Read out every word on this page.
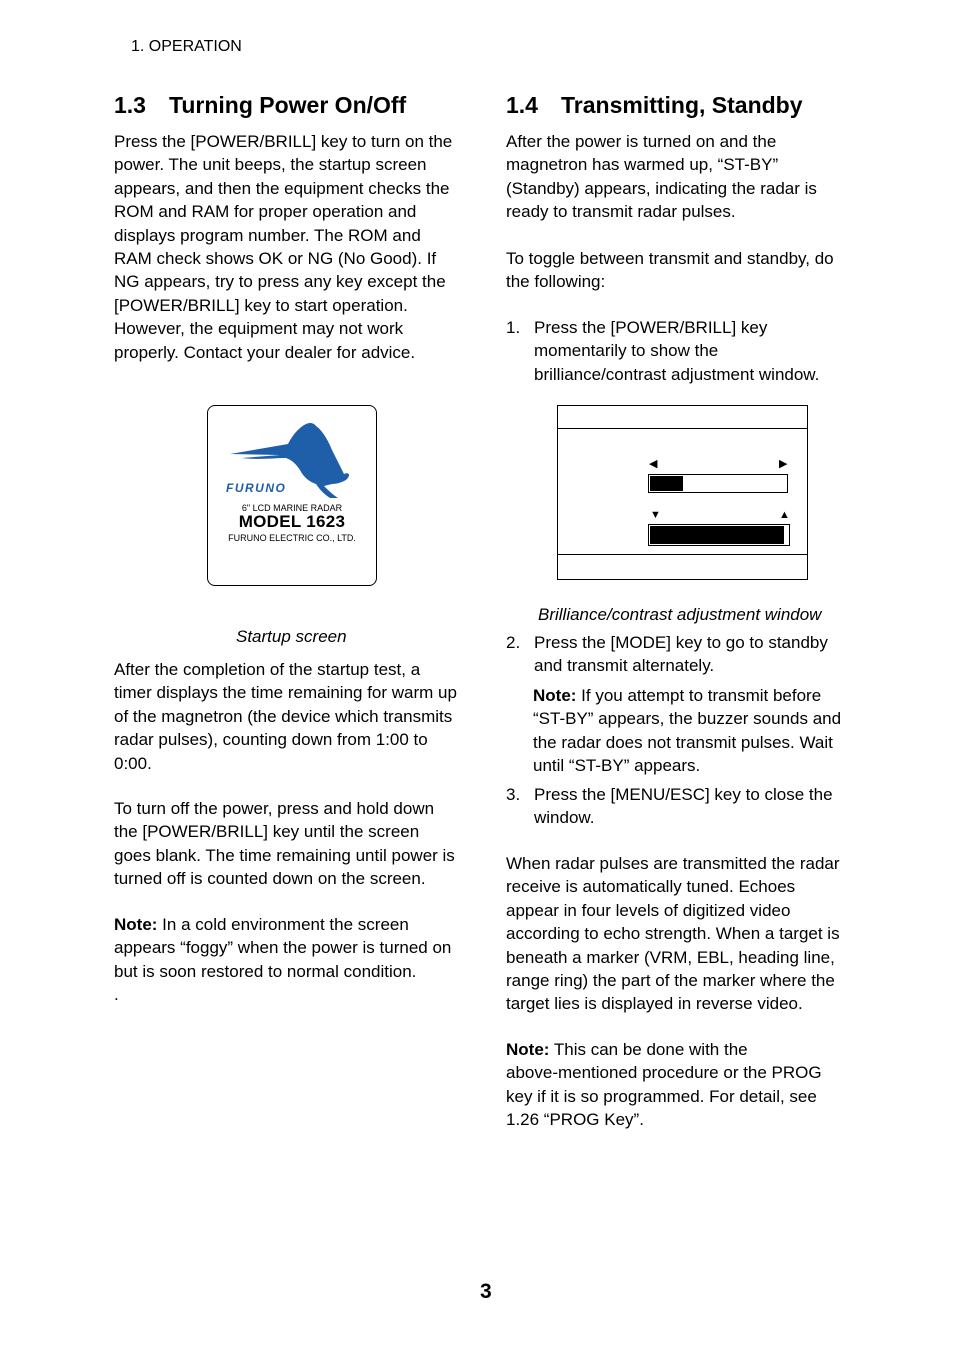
1. OPERATION
1.3 Turning Power On/Off
Press the [POWER/BRILL] key to turn on the
power. The unit beeps, the startup screen
appears, and then the equipment checks the
ROM and RAM for proper operation and
displays program number. The ROM and
RAM check shows OK or NG (No Good). If
NG appears, try to press any key except the
[POWER/BRILL] key to start operation.
However, the equipment may not work
properly. Contact your dealer for advice.
FURUNO
6" LCD MARINE RADAR
MODEL 1623
FURUNO ELECTRIC CO., LTD.
Startup screen
After the completion of the startup test, a
timer displays the time remaining for warm up
of the magnetron (the device which transmits
radar pulses), counting down from 1:00 to
0:00.
To turn off the power, press and hold down
the [POWER/BRILL] key until the screen
goes blank. The time remaining until power is
turned off is counted down on the screen.
Note: In a cold environment the screen
appears “foggy” when the power is turned on
but is soon restored to normal condition.
.
1.4 Transmitting, Standby
After the power is turned on and the
magnetron has warmed up, “ST-BY”
(Standby) appears, indicating the radar is
ready to transmit radar pulses.
To toggle between transmit and standby, do
the following:
1. Press the [POWER/BRILL] key
momentarily to show the
brilliance/contrast adjustment window.
◀	▶
▼	▲
Brilliance/contrast adjustment window
2. Press the [MODE] key to go to standby
and transmit alternately.
Note: If you attempt to transmit before
“ST-BY” appears, the buzzer sounds and
the radar does not transmit pulses. Wait
until “ST-BY” appears.
3. Press the [MENU/ESC] key to close the
window.
When radar pulses are transmitted the radar
receive is automatically tuned. Echoes
appear in four levels of digitized video
according to echo strength. When a target is
beneath a marker (VRM, EBL, heading line,
range ring) the part of the marker where the
target lies is displayed in reverse video.
Note: This can be done with the
above-mentioned procedure or the PROG
key if it is so programmed. For detail, see
1.26 “PROG Key”.
3
